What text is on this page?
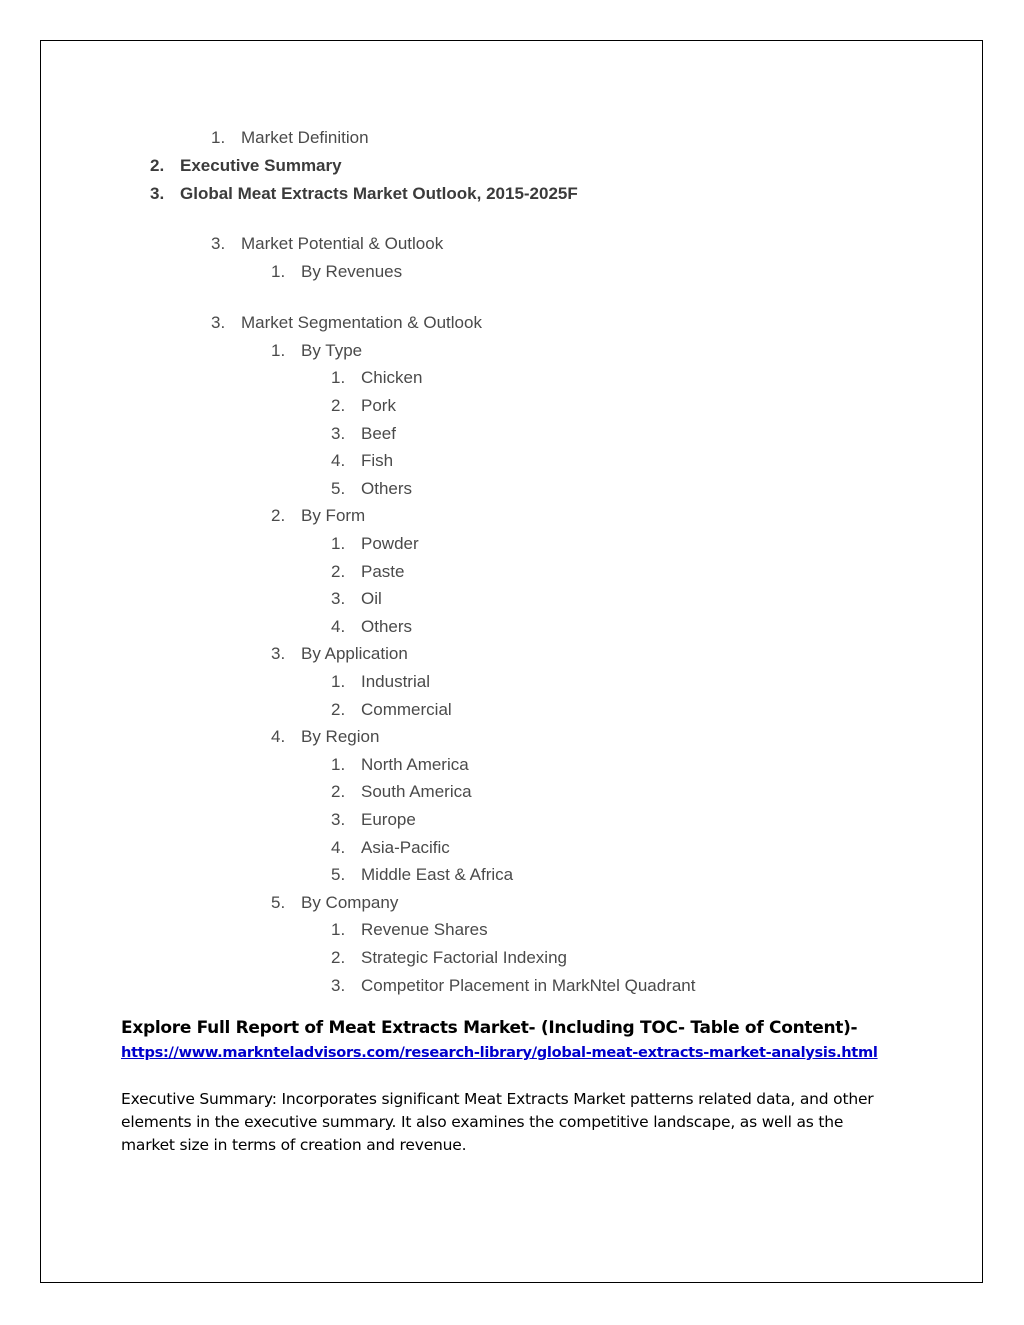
1. Market Definition
2. Executive Summary
3. Global Meat Extracts Market Outlook, 2015-2025F
3. Market Potential & Outlook
1. By Revenues
3. Market Segmentation & Outlook
1. By Type
1. Chicken
2. Pork
3. Beef
4. Fish
5. Others
2. By Form
1. Powder
2. Paste
3. Oil
4. Others
3. By Application
1. Industrial
2. Commercial
4. By Region
1. North America
2. South America
3. Europe
4. Asia-Pacific
5. Middle East & Africa
5. By Company
1. Revenue Shares
2. Strategic Factorial Indexing
3. Competitor Placement in MarkNtel Quadrant
Explore Full Report of Meat Extracts Market- (Including TOC- Table of Content)-
https://www.marknteladvisors.com/research-library/global-meat-extracts-market-analysis.html
Executive Summary: Incorporates significant Meat Extracts Market patterns related data, and other elements in the executive summary. It also examines the competitive landscape, as well as the market size in terms of creation and revenue.
